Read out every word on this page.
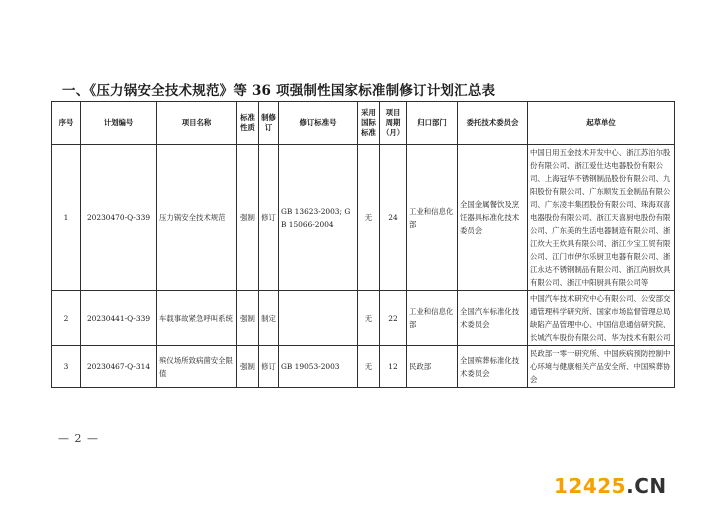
一、《压力锅安全技术规范》等 36 项强制性国家标准制修订计划汇总表
序号	计划编号	项目名称	标准性质	制修订	修订标准号	采用国际标准	项目周期（月）	归口部门	委托技术委员会	起草单位
1	20230470-Q-339	压力锅安全技术规范	强制	修订	GB 13623-2003; GB 15066-2004	无	24	工业和信息化部	全国金属餐饮及烹饪器具标准化技术委员会	中国日用五金技术开发中心、浙江苏泊尔股份有限公司、浙江爱仕达电器股份有限公司、上海冠华不锈钢制品股份有限公司、九阳股份有限公司、广东顺发五金制品有限公司、广东凌丰集团股份有限公司、珠海双喜电器股份有限公司、浙江天喜厨电股份有限公司、广东美的生活电器制造有限公司、浙江炊大王炊具有限公司、浙江少宝工贸有限公司、江门市伊尔乐厨卫电器有限公司、浙江永达不锈钢制品有限公司、浙江尚厨炊具有限公司、浙江中阳厨具有限公司等
2	20230441-Q-339	车载事故紧急呼叫系统	强制	制定		无	22	工业和信息化部	全国汽车标准化技术委员会	中国汽车技术研究中心有限公司、公安部交通管理科学研究所、国家市场监督管理总局缺陷产品管理中心、中国信息通信研究院、长城汽车股份有限公司、华为技术有限公司
3	20230467-Q-314	殡仪场所致病菌安全限值	强制	修订	GB 19053-2003	无	12	民政部	全国殡葬标准化技术委员会	民政部一零一研究所、中国疾病预防控制中心环境与健康相关产品安全所、中国殡葬协会
— 2 —
12425.CN
